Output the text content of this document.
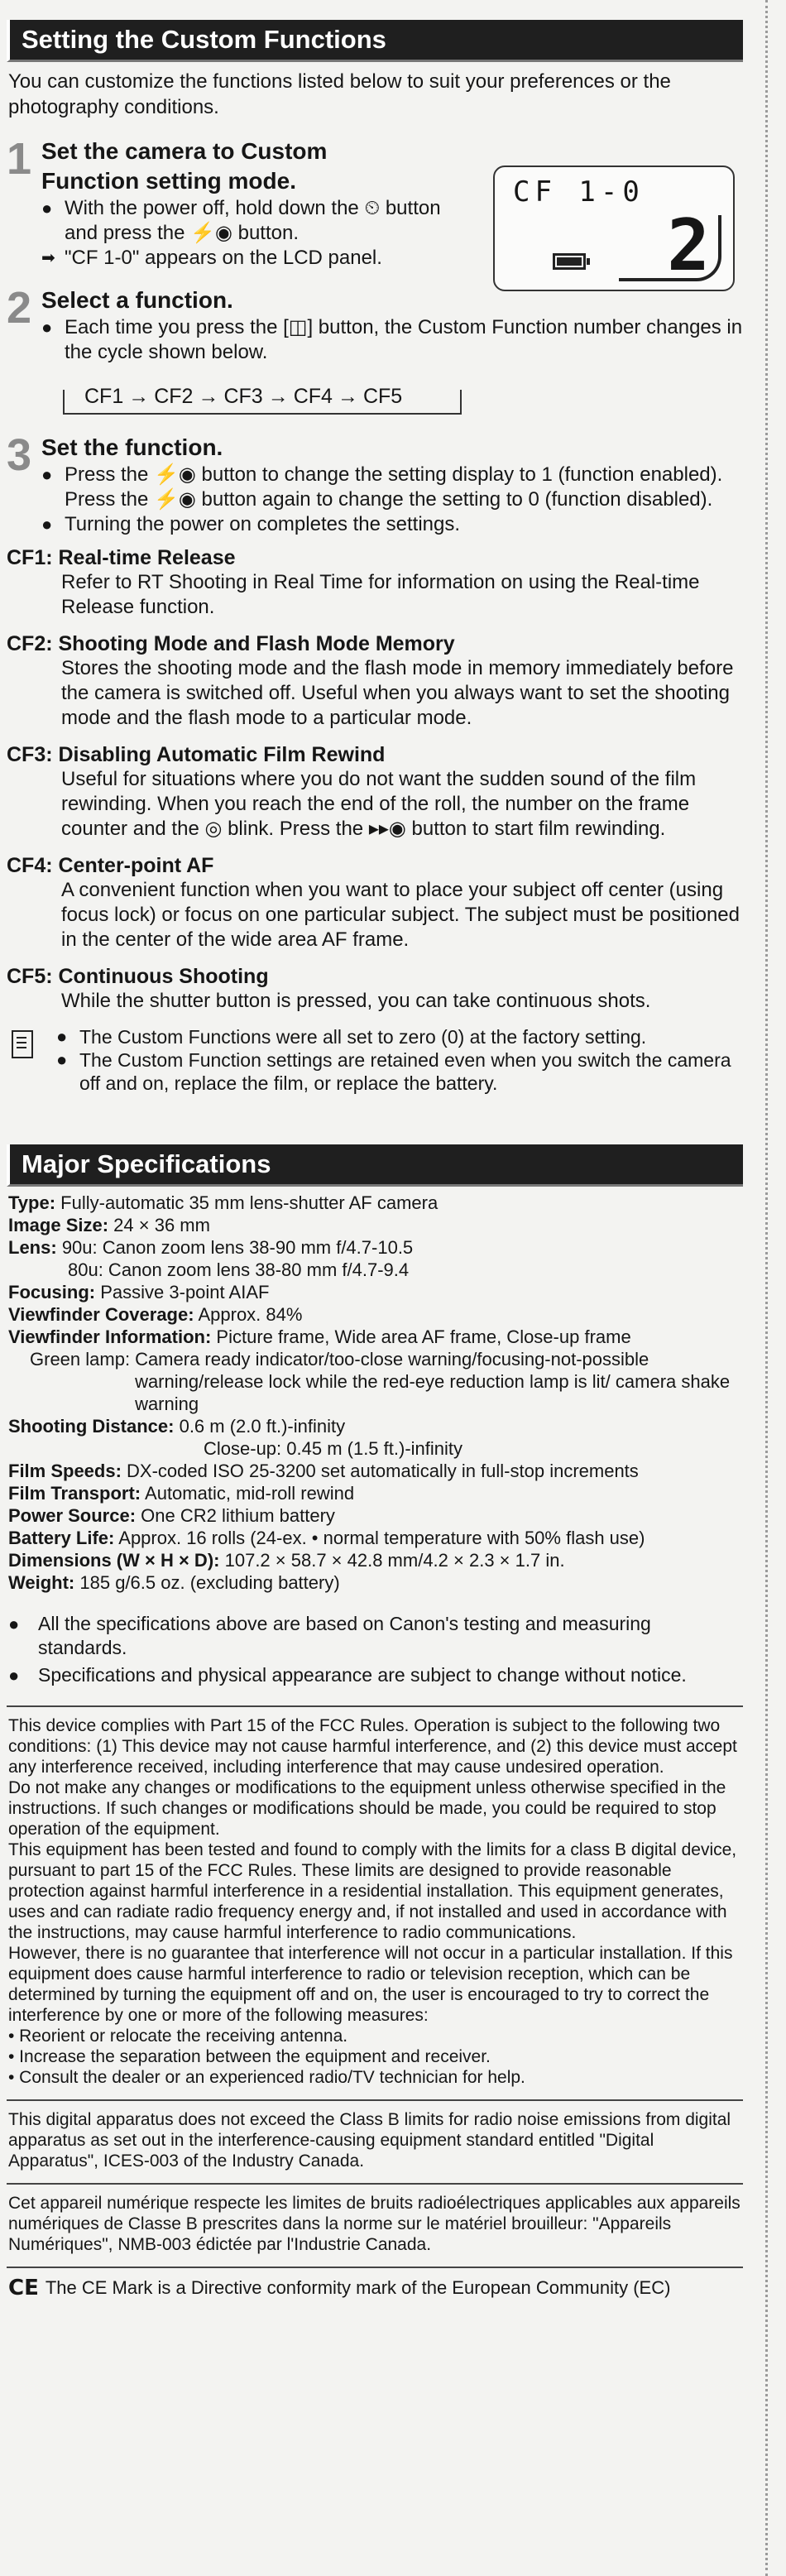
Setting the Custom Functions
You can customize the functions listed below to suit your preferences or the photography conditions.
CF 1-0
2
1 Set the camera to Custom
Function setting mode.
● With the power off, hold down the ⏲ button and press the ⚡◉ button.
➡ "CF 1-0" appears on the LCD panel.
2 Select a function.
● Each time you press the [◫] button, the Custom Function number changes in the cycle shown below.
CF1 → CF2 → CF3 → CF4 → CF5
3 Set the function.
● Press the ⚡◉ button to change the setting display to 1 (function enabled).
Press the ⚡◉ button again to change the setting to 0 (function disabled).
● Turning the power on completes the settings.
CF1: Real-time Release
Refer to RT Shooting in Real Time for information on using the Real-time Release function.
CF2: Shooting Mode and Flash Mode Memory
Stores the shooting mode and the flash mode in memory immediately before the camera is switched off. Useful when you always want to set the shooting mode and the flash mode to a particular mode.
CF3: Disabling Automatic Film Rewind
Useful for situations where you do not want the sudden sound of the film rewinding. When you reach the end of the roll, the number on the frame counter and the ◎ blink. Press the ▸▸◉ button to start film rewinding.
CF4: Center-point AF
A convenient function when you want to place your subject off center (using focus lock) or focus on one particular subject. The subject must be positioned in the center of the wide area AF frame.
CF5: Continuous Shooting
While the shutter button is pressed, you can take continuous shots.
● The Custom Functions were all set to zero (0) at the factory setting.
● The Custom Function settings are retained even when you switch the camera off and on, replace the film, or replace the battery.
Major Specifications
Type: Fully-automatic 35 mm lens-shutter AF camera
Image Size: 24 × 36 mm
Lens: 90u: Canon zoom lens 38-90 mm f/4.7-10.5
80u: Canon zoom lens 38-80 mm f/4.7-9.4
Focusing: Passive 3-point AIAF
Viewfinder Coverage: Approx. 84%
Viewfinder Information: Picture frame, Wide area AF frame, Close-up frame
Green lamp: Camera ready indicator/too-close warning/focusing-not-possible warning/release lock while the red-eye reduction lamp is lit/ camera shake warning
Shooting Distance: 0.6 m (2.0 ft.)-infinity
Close-up: 0.45 m (1.5 ft.)-infinity
Film Speeds: DX-coded ISO 25-3200 set automatically in full-stop increments
Film Transport: Automatic, mid-roll rewind
Power Source: One CR2 lithium battery
Battery Life: Approx. 16 rolls (24-ex. • normal temperature with 50% flash use)
Dimensions (W × H × D): 107.2 × 58.7 × 42.8 mm/4.2 × 2.3 × 1.7 in.
Weight: 185 g/6.5 oz. (excluding battery)
● All the specifications above are based on Canon's testing and measuring standards.
● Specifications and physical appearance are subject to change without notice.
This device complies with Part 15 of the FCC Rules. Operation is subject to the following two conditions: (1) This device may not cause harmful interference, and (2) this device must accept any interference received, including interference that may cause undesired operation.
Do not make any changes or modifications to the equipment unless otherwise specified in the instructions. If such changes or modifications should be made, you could be required to stop operation of the equipment.
This equipment has been tested and found to comply with the limits for a class B digital device, pursuant to part 15 of the FCC Rules. These limits are designed to provide reasonable protection against harmful interference in a residential installation. This equipment generates, uses and can radiate radio frequency energy and, if not installed and used in accordance with the instructions, may cause harmful interference to radio communications.
However, there is no guarantee that interference will not occur in a particular installation. If this equipment does cause harmful interference to radio or television reception, which can be determined by turning the equipment off and on, the user is encouraged to try to correct the interference by one or more of the following measures:
• Reorient or relocate the receiving antenna.
• Increase the separation between the equipment and receiver.
• Consult the dealer or an experienced radio/TV technician for help.
This digital apparatus does not exceed the Class B limits for radio noise emissions from digital apparatus as set out in the interference-causing equipment standard entitled "Digital Apparatus", ICES-003 of the Industry Canada.
Cet appareil numérique respecte les limites de bruits radioélectriques applicables aux appareils numériques de Classe B prescrites dans la norme sur le matériel brouilleur: "Appareils Numériques", NMB-003 édictée par l'Industrie Canada.
CE The CE Mark is a Directive conformity mark of the European Community (EC)
